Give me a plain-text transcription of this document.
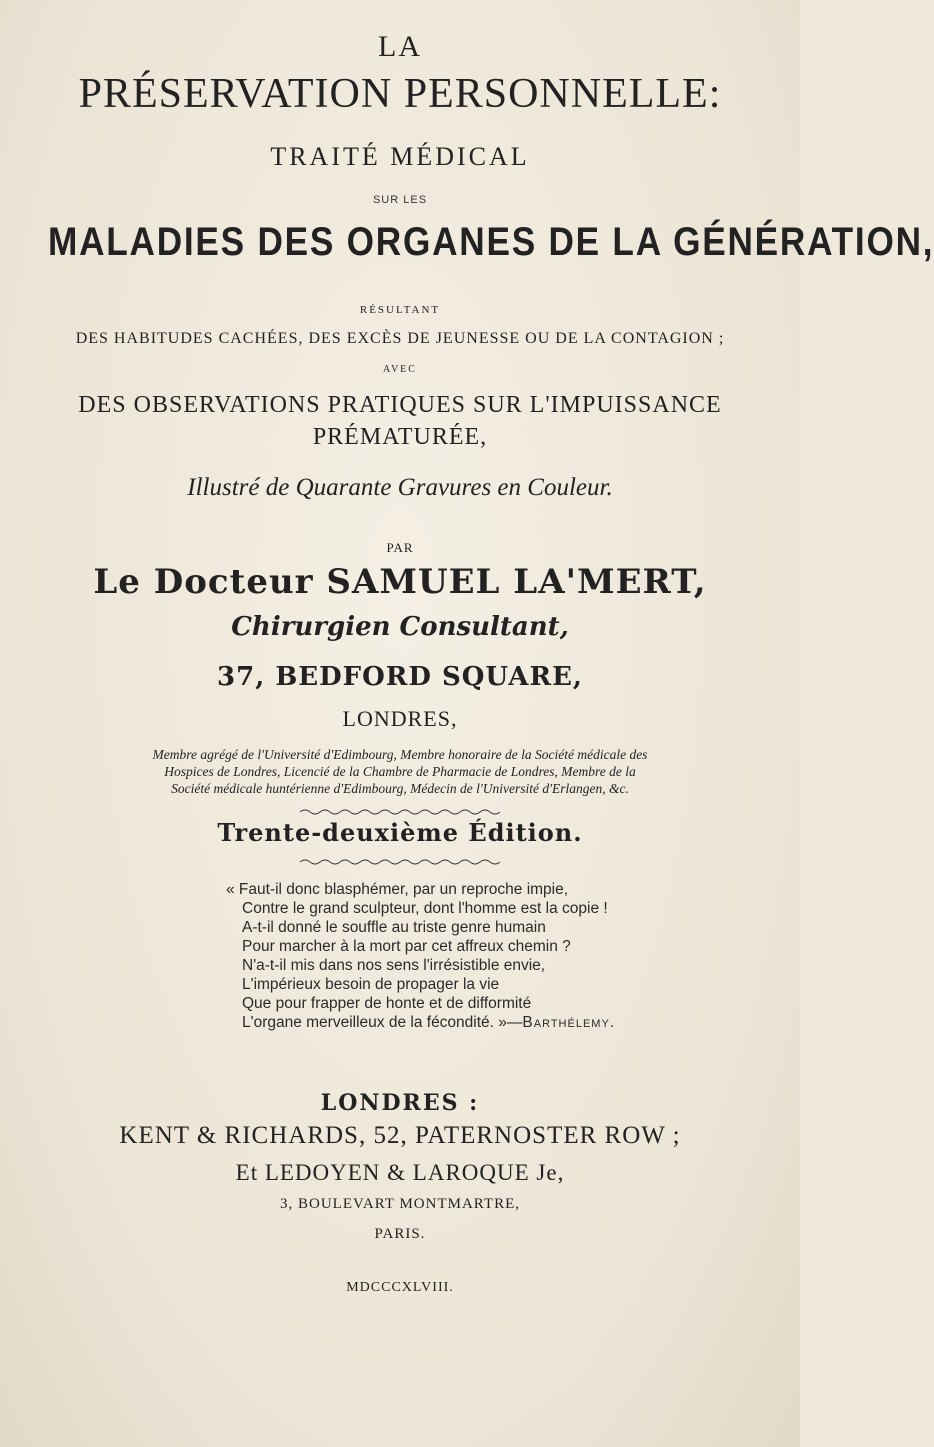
LA
PRÉSERVATION PERSONNELLE:
TRAITÉ MÉDICAL
SUR LES
MALADIES DES ORGANES DE LA GÉNÉRATION,
RÉSULTANT
DES HABITUDES CACHÉES, DES EXCÈS DE JEUNESSE OU DE LA CONTAGION ;
AVEC
DES OBSERVATIONS PRATIQUES SUR L'IMPUISSANCE
PRÉMATURÉE,
Illustré de Quarante Gravures en Couleur.
PAR
Le Docteur SAMUEL LA'MERT,
Chirurgien Consultant,
37, BEDFORD SQUARE,
LONDRES,
Membre agrégé de l'Université d'Edimbourg, Membre honoraire de la Société médicale des
Hospices de Londres, Licencié de la Chambre de Pharmacie de Londres, Membre de la
Société médicale huntérienne d'Edimbourg, Médecin de l'Université d'Erlangen, &c.
Trente-deuxième Édition.
« Faut-il donc blasphémer, par un reproche impie,
Contre le grand sculpteur, dont l'homme est la copie !
A-t-il donné le souffle au triste genre humain
Pour marcher à la mort par cet affreux chemin ?
N'a-t-il mis dans nos sens l'irrésistible envie,
L'impérieux besoin de propager la vie
Que pour frapper de honte et de difformité
L'organe merveilleux de la fécondité. »—Barthélemy.
LONDRES :
KENT & RICHARDS, 52, PATERNOSTER ROW ;
Et LEDOYEN & LAROQUE Je,
3, BOULEVART MONTMARTRE,
PARIS.
MDCCCXLVIII.
